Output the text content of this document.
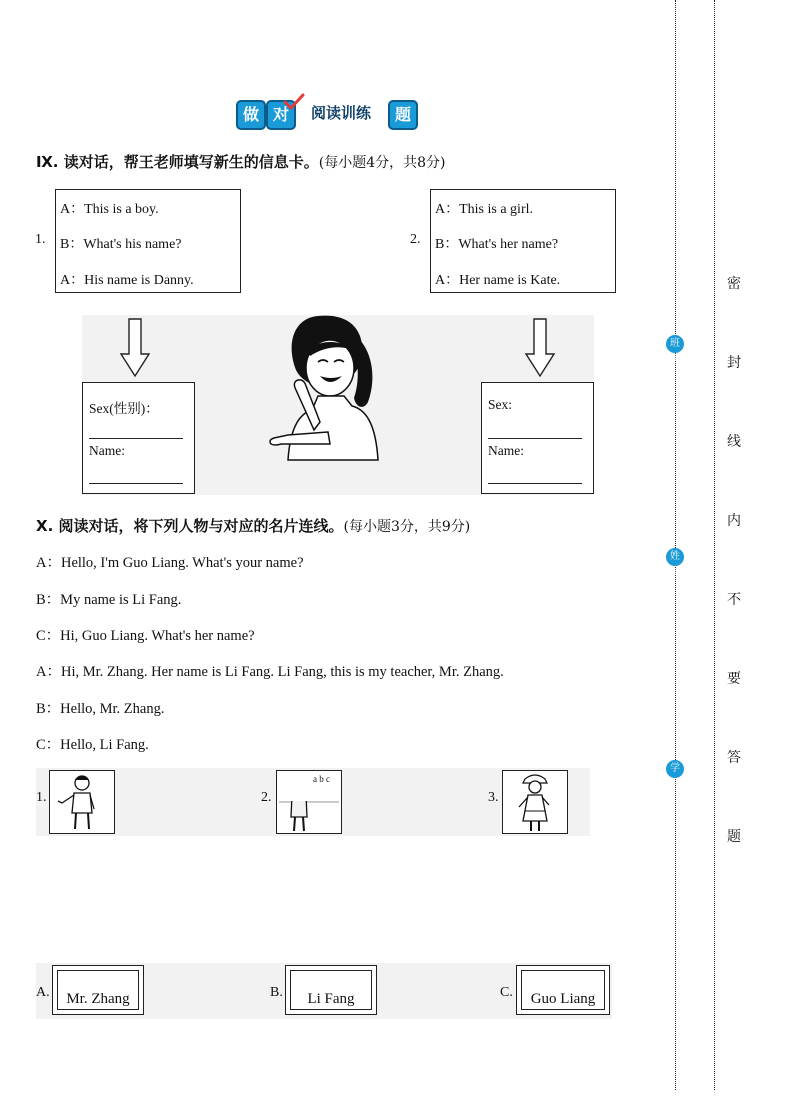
做 对	阅读训练	题
Ⅸ. 读对话，帮王老师填写新生的信息卡。(每小题4分，共8分)
1.
A：This is a boy.
B：What's his name?
A：His name is Danny.
2.
A：This is a girl.
B：What's her name?
A：Her name is Kate.
Sex(性别)：
Name:
Sex:
Name:
Ⅹ. 阅读对话，将下列人物与对应的名片连线。(每小题3分，共9分)
A：Hello, I'm Guo Liang. What's your name?
B：My name is Li Fang.
C：Hi, Guo Liang. What's her name?
A：Hi, Mr. Zhang. Her name is Li Fang. Li Fang, this is my teacher, Mr. Zhang.
B：Hello, Mr. Zhang.
C：Hello, Li Fang.
1.	2.
a b c
3.
A.	Mr. Zhang	B.	Li Fang	C.	Guo Liang
班级
姓名
学号
密
封
线
内
不
要
答
题
